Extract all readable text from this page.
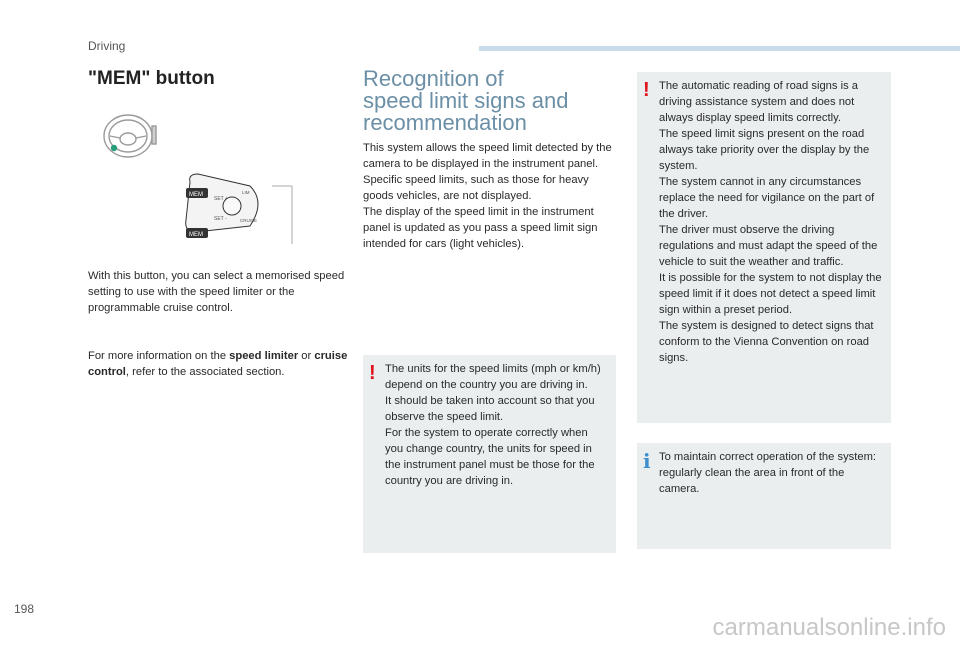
Driving
"MEM" button
MEM
MEM
SET +
SET -
LIM
CRUISE

With this button, you can select a memorised speed setting to use with the speed limiter or the programmable cruise control.

For more information on the speed limiter or cruise control, refer to the associated section.

Recognition of
speed limit signs and
recommendation

This system allows the speed limit detected by the camera to be displayed in the instrument panel.

Specific speed limits, such as those for heavy goods vehicles, are not displayed.

The display of the speed limit in the instrument panel is updated as you pass a speed limit sign intended for cars (light vehicles).

! The units for the speed limits (mph or km/h) depend on the country you are driving in.

It should be taken into account so that you observe the speed limit.

For the system to operate correctly when you change country, the units for speed in the instrument panel must be those for the country you are driving in.

! The automatic reading of road signs is a driving assistance system and does not always display speed limits correctly.

The speed limit signs present on the road always take priority over the display by the system.

The system cannot in any circumstances replace the need for vigilance on the part of the driver.

The driver must observe the driving regulations and must adapt the speed of the vehicle to suit the weather and traffic.

It is possible for the system to not display the speed limit if it does not detect a speed limit sign within a preset period.

The system is designed to detect signs that conform to the Vienna Convention on road signs.

i To maintain correct operation of the system: regularly clean the area in front of the camera.

198
carmanualsonline.info
